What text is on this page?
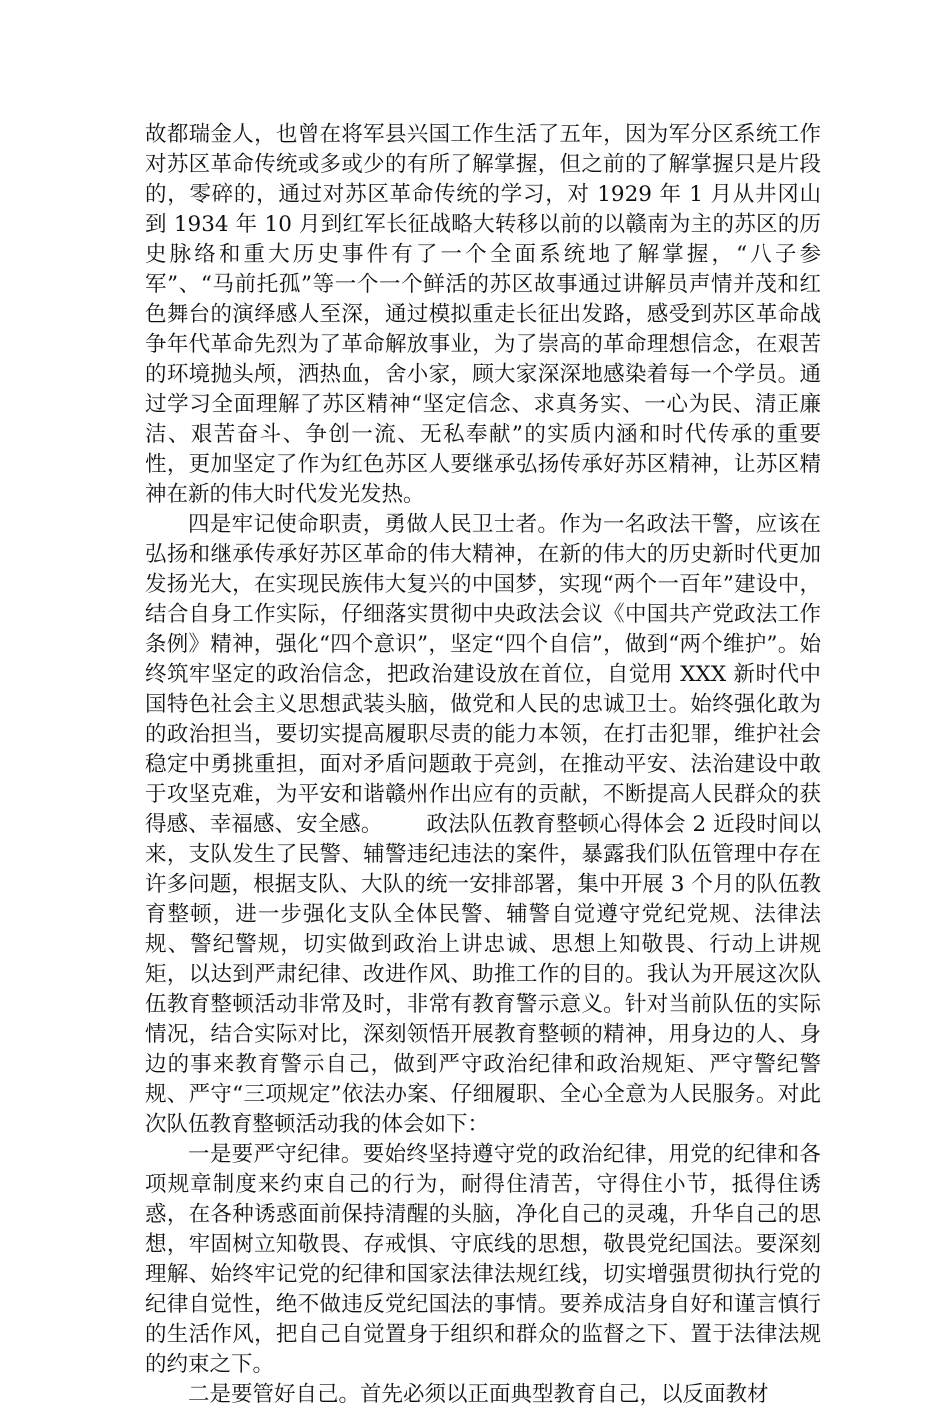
故都瑞金人，也曾在将军县兴国工作生活了五年，因为军分区系统工作对苏区革命传统或多或少的有所了解掌握，但之前的了解掌握只是片段的，零碎的，通过对苏区革命传统的学习，对 1929 年 1 月从井冈山到 1934 年 10 月到红军长征战略大转移以前的以赣南为主的苏区的历史脉络和重大历史事件有了一个全面系统地了解掌握，“八子参军”、“马前托孤”等一个一个鲜活的苏区故事通过讲解员声情并茂和红色舞台的演绎感人至深，通过模拟重走长征出发路，感受到苏区革命战争年代革命先烈为了革命解放事业，为了崇高的革命理想信念，在艰苦的环境抛头颅，洒热血，舍小家，顾大家深深地感染着每一个学员。通过学习全面理解了苏区精神“坚定信念、求真务实、一心为民、清正廉洁、艰苦奋斗、争创一流、无私奉献”的实质内涵和时代传承的重要性，更加坚定了作为红色苏区人要继承弘扬传承好苏区精神，让苏区精神在新的伟大时代发光发热。

四是牢记使命职责，勇做人民卫士者。作为一名政法干警，应该在弘扬和继承传承好苏区革命的伟大精神，在新的伟大的历史新时代更加发扬光大，在实现民族伟大复兴的中国梦，实现“两个一百年”建设中，结合自身工作实际，仔细落实贯彻中央政法会议《中国共产党政法工作条例》精神，强化“四个意识”，坚定“四个自信”，做到“两个维护”。始终筑牢坚定的政治信念，把政治建设放在首位，自觉用 XXX 新时代中国特色社会主义思想武装头脑，做党和人民的忠诚卫士。始终强化敢为的政治担当，要切实提高履职尽责的能力本领，在打击犯罪，维护社会稳定中勇挑重担，面对矛盾问题敢于亮剑，在推动平安、法治建设中敢于攻坚克难，为平安和谐赣州作出应有的贡献，不断提高人民群众的获得感、幸福感、安全感。 政法队伍教育整顿心得体会 2 近段时间以来，支队发生了民警、辅警违纪违法的案件，暴露我们队伍管理中存在许多问题，根据支队、大队的统一安排部署，集中开展 3 个月的队伍教育整顿，进一步强化支队全体民警、辅警自觉遵守党纪党规、法律法规、警纪警规，切实做到政治上讲忠诚、思想上知敬畏、行动上讲规矩，以达到严肃纪律、改进作风、助推工作的目的。我认为开展这次队伍教育整顿活动非常及时，非常有教育警示意义。针对当前队伍的实际情况，结合实际对比，深刻领悟开展教育整顿的精神，用身边的人、身边的事来教育警示自己，做到严守政治纪律和政治规矩、严守警纪警规、严守“三项规定”依法办案、仔细履职、全心全意为人民服务。对此次队伍教育整顿活动我的体会如下：

一是要严守纪律。要始终坚持遵守党的政治纪律，用党的纪律和各项规章制度来约束自己的行为，耐得住清苦，守得住小节，抵得住诱惑，在各种诱惑面前保持清醒的头脑，净化自己的灵魂，升华自己的思想，牢固树立知敬畏、存戒惧、守底线的思想，敬畏党纪国法。要深刻理解、始终牢记党的纪律和国家法律法规红线，切实增强贯彻执行党的纪律自觉性，绝不做违反党纪国法的事情。要养成洁身自好和谨言慎行的生活作风，把自己自觉置身于组织和群众的监督之下、置于法律法规的约束之下。

二是要管好自己。首先必须以正面典型教育自己，以反面教材
